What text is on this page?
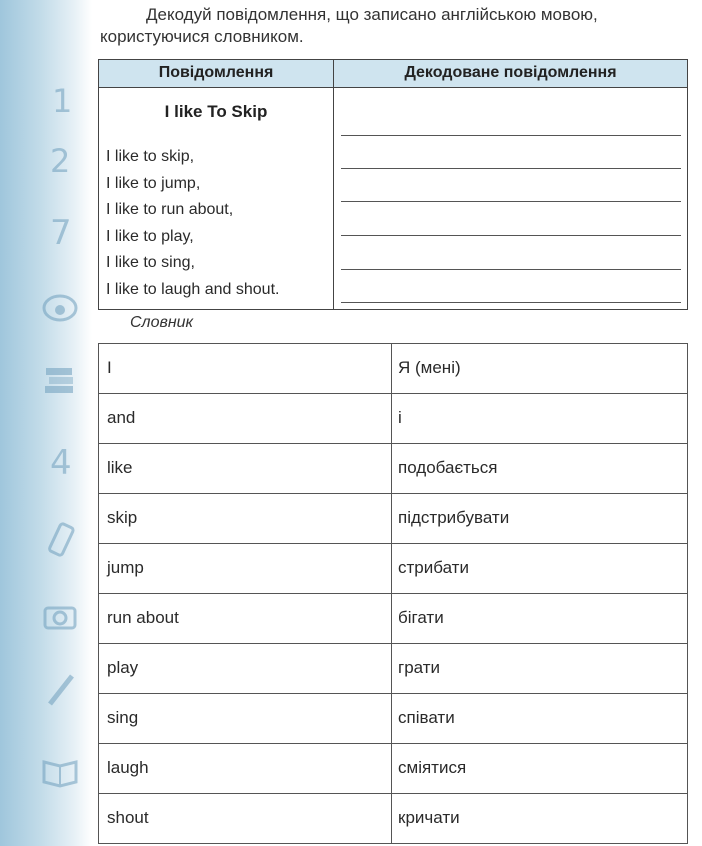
1
2
7
4
Декодуй повідомлення, що записано англійською мовою,
користуючися словником.
Повідомлення	Декодоване повідомлення
I like To Skip
I like to skip,
I like to jump,
I like to run about,
I like to play,
I like to sing,
I like to laugh and shout.
Словник
I	Я (мені)
and	і
like	подобається
skip	підстрибувати
jump	стрибати
run about	бігати
play	грати
sing	співати
laugh	сміятися
shout	кричати
